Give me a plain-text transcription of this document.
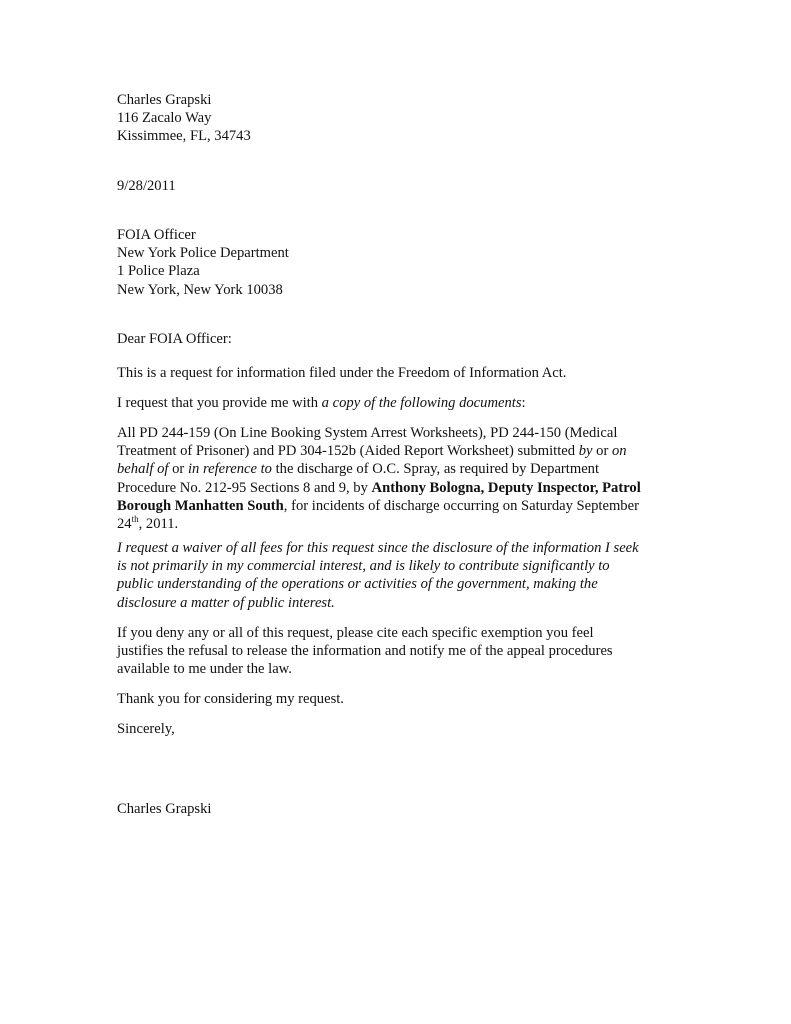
Charles Grapski
116 Zacalo Way
Kissimmee, FL, 34743
9/28/2011
FOIA Officer
New York Police Department
1 Police Plaza
New York, New York 10038
Dear FOIA Officer:
This is a request for information filed under the Freedom of Information Act.
I request that you provide me with a copy of the following documents:
All PD 244-159 (On Line Booking System Arrest Worksheets), PD 244-150 (Medical
Treatment of Prisoner) and PD 304-152b (Aided Report Worksheet) submitted by or on
behalf of or in reference to the discharge of O.C. Spray, as required by Department
Procedure No. 212-95 Sections 8 and 9, by Anthony Bologna, Deputy Inspector, Patrol
Borough Manhatten South, for incidents of discharge occurring on Saturday September
24th, 2011.
I request a waiver of all fees for this request since the disclosure of the information I seek
is not primarily in my commercial interest, and is likely to contribute significantly to
public understanding of the operations or activities of the government, making the
disclosure a matter of public interest.
If you deny any or all of this request, please cite each specific exemption you feel
justifies the refusal to release the information and notify me of the appeal procedures
available to me under the law.
Thank you for considering my request.
Sincerely,
Charles Grapski
